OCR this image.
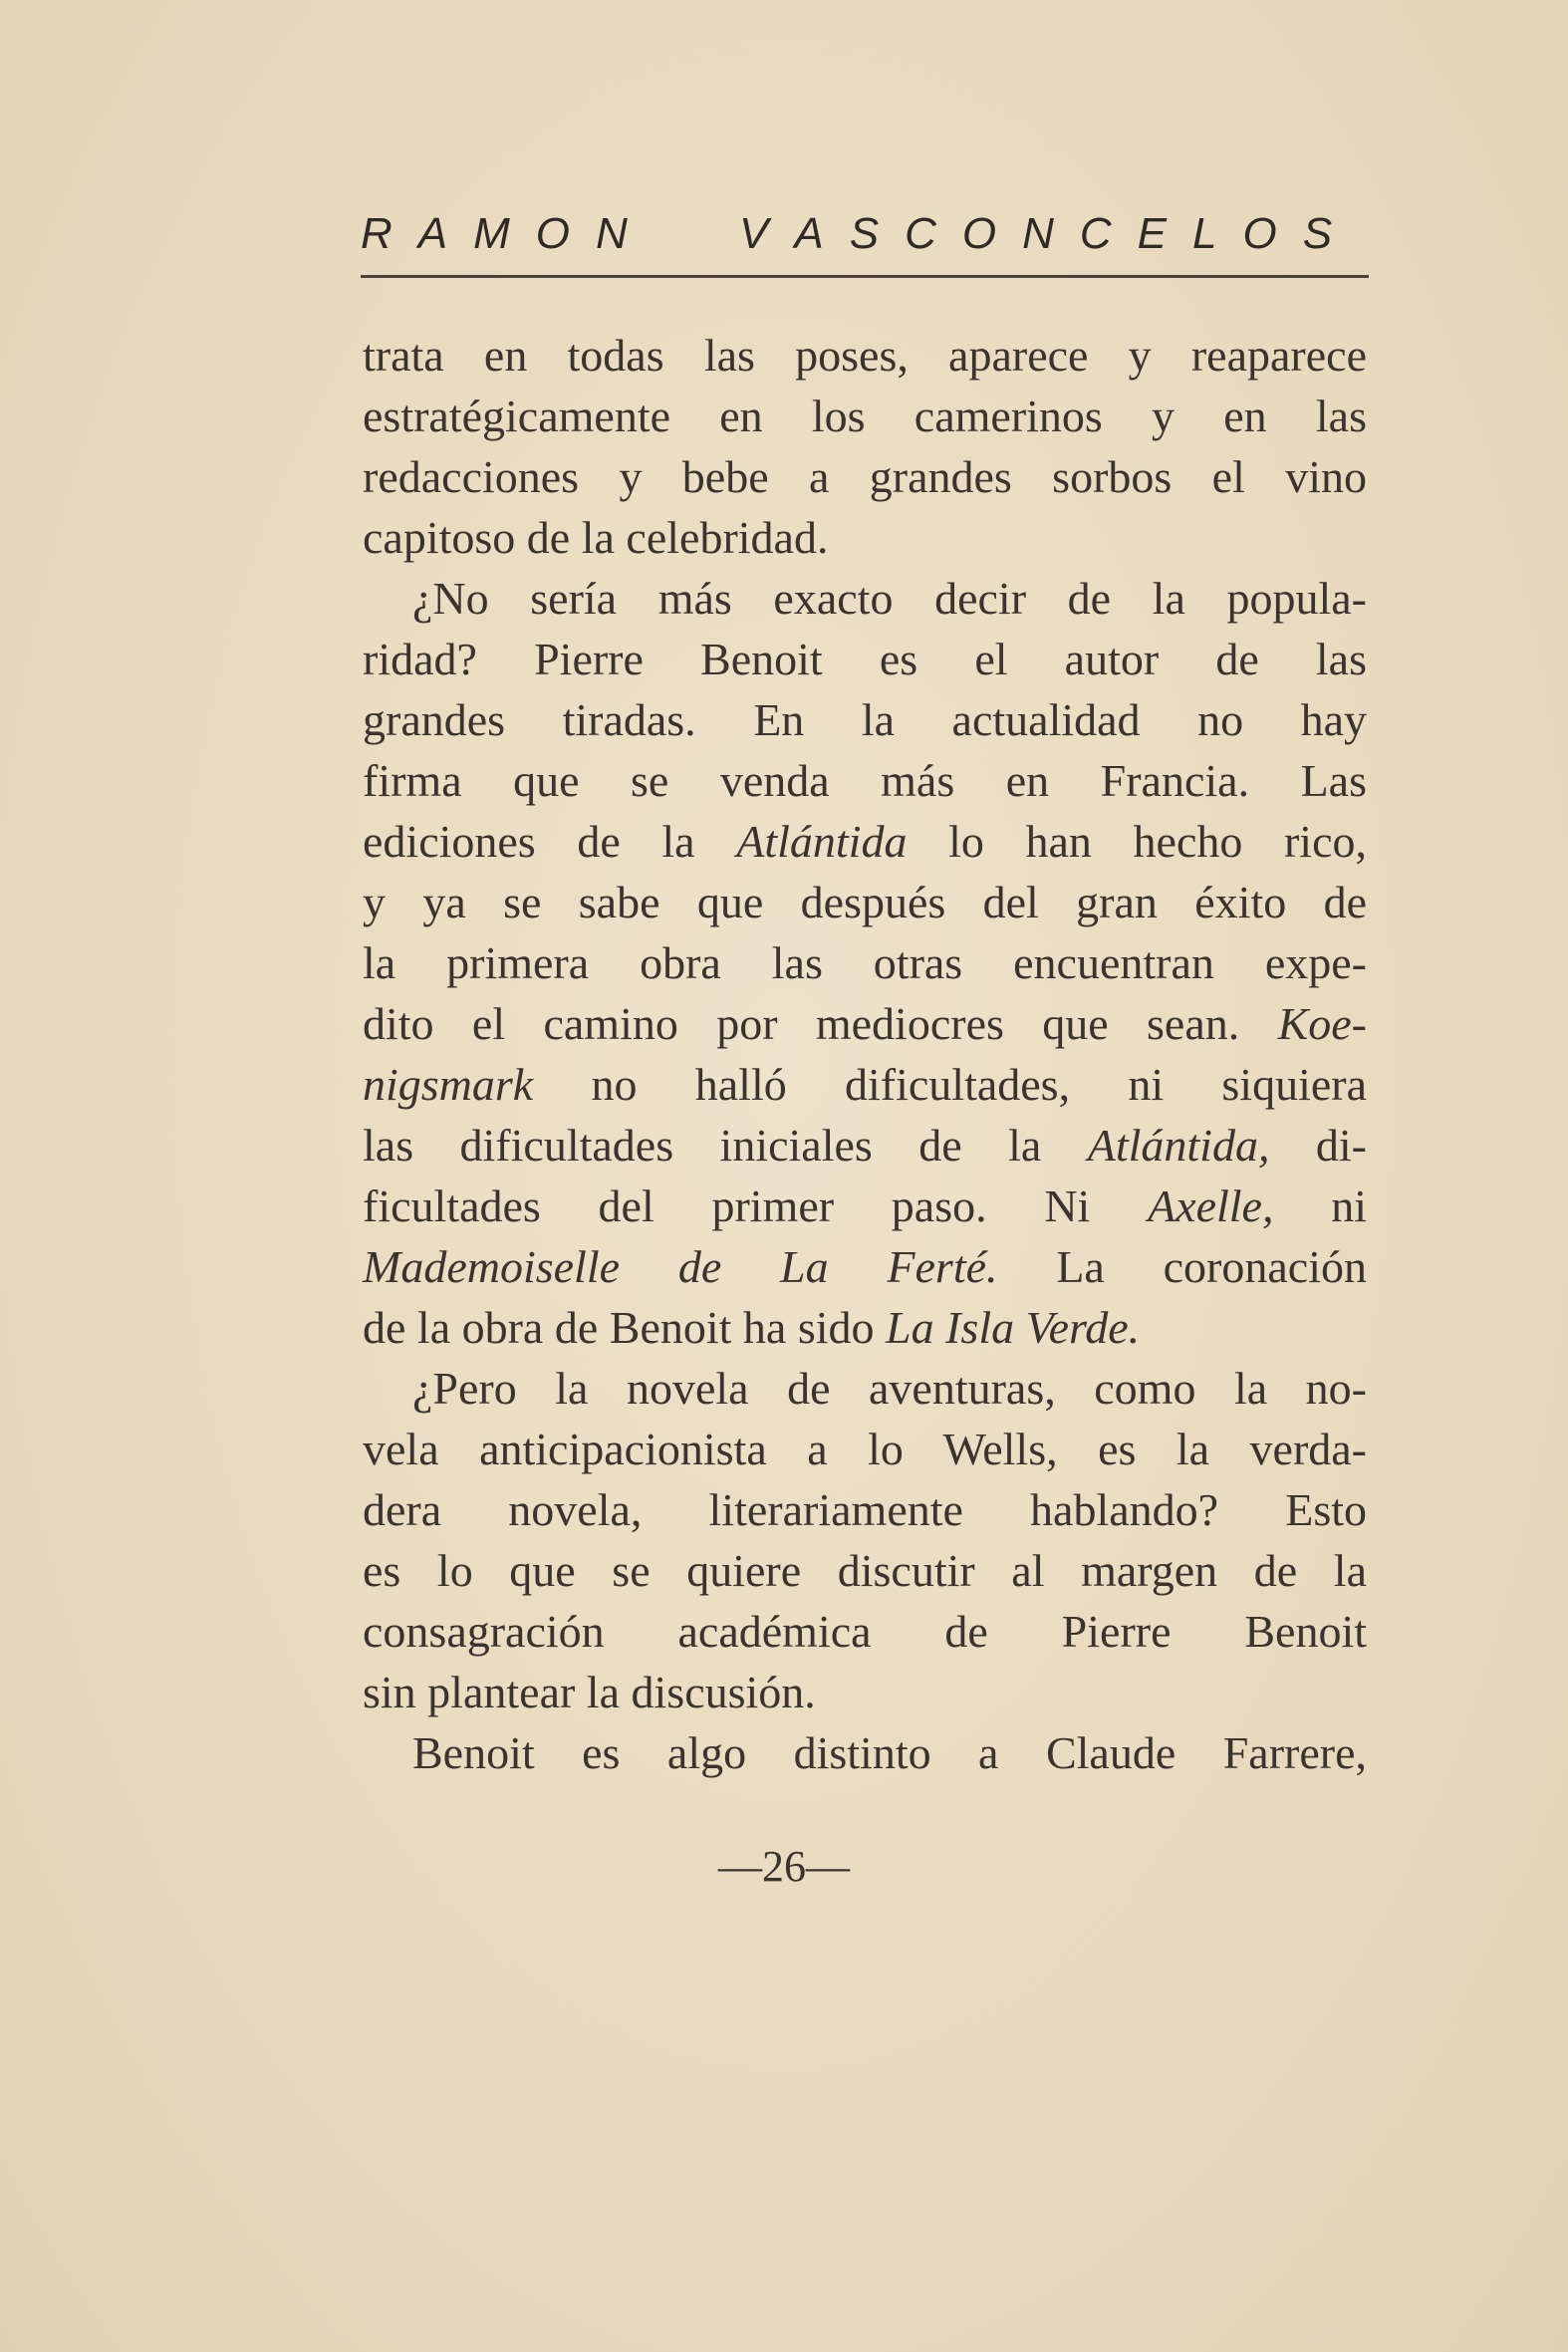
R A M O N	V A S C O N C E L O S
trata en todas las poses, aparece y reaparece
estratégicamente en los camerinos y en las
redacciones y bebe a grandes sorbos el vino
capitoso de la celebridad.
¿No sería más exacto decir de la popula-
ridad? Pierre Benoit es el autor de las
grandes tiradas. En la actualidad no hay
firma que se venda más en Francia. Las
ediciones de la Atlántida lo han hecho rico,
y ya se sabe que después del gran éxito de
la primera obra las otras encuentran expe-
dito el camino por mediocres que sean. Koe-
nigsmark no halló dificultades, ni siquiera
las dificultades iniciales de la Atlántida, di-
ficultades del primer paso. Ni Axelle, ni
Mademoiselle de La Ferté. La coronación
de la obra de Benoit ha sido La Isla Verde.
¿Pero la novela de aventuras, como la no-
vela anticipacionista a lo Wells, es la verda-
dera novela, literariamente hablando? Esto
es lo que se quiere discutir al margen de la
consagración académica de Pierre Benoit
sin plantear la discusión.
Benoit es algo distinto a Claude Farrere,
—26—
